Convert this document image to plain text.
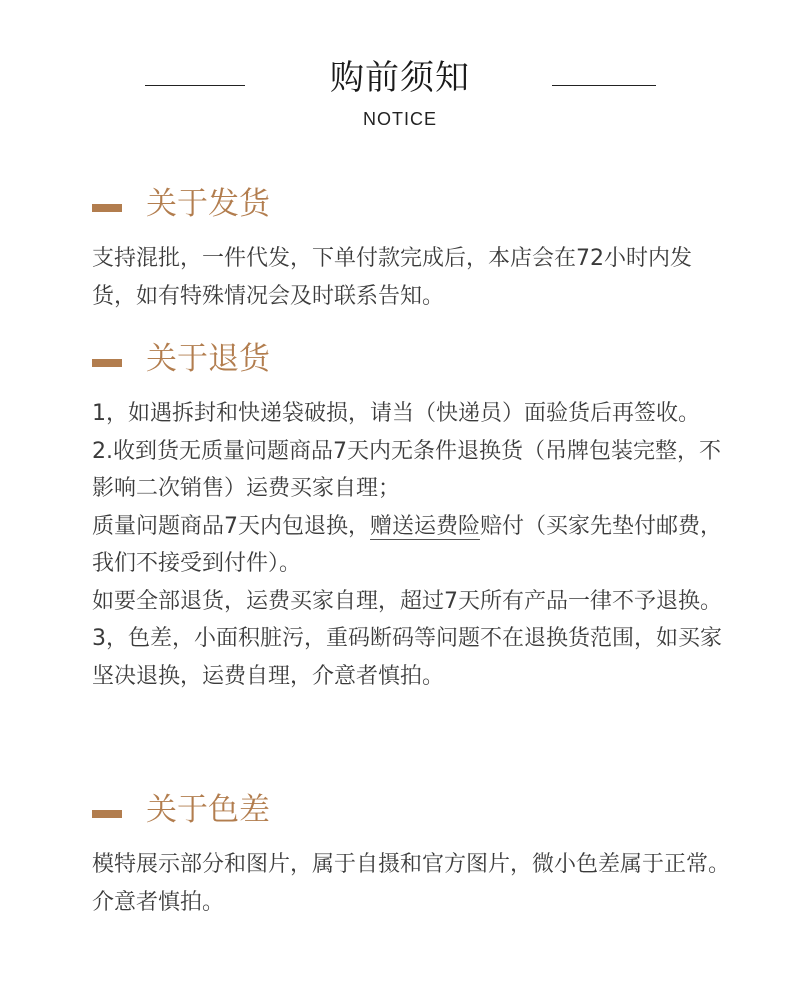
购前须知
NOTICE
关于发货

支持混批，一件代发，下单付款完成后，本店会在72小时内发货，如有特殊情况会及时联系告知。

关于退货

1，如遇拆封和快递袋破损，请当（快递员）面验货后再签收。

2.收到货无质量问题商品7天内无条件退换货（吊牌包装完整，不影响二次销售）运费买家自理；

质量问题商品7天内包退换，赠送运费险赔付（买家先垫付邮费，我们不接受到付件）。

如要全部退货，运费买家自理，超过7天所有产品一律不予退换。

3，色差，小面积脏污，重码断码等问题不在退换货范围，如买家坚决退换，运费自理，介意者慎拍。

关于色差

模特展示部分和图片，属于自摄和官方图片，微小色差属于正常。介意者慎拍。
